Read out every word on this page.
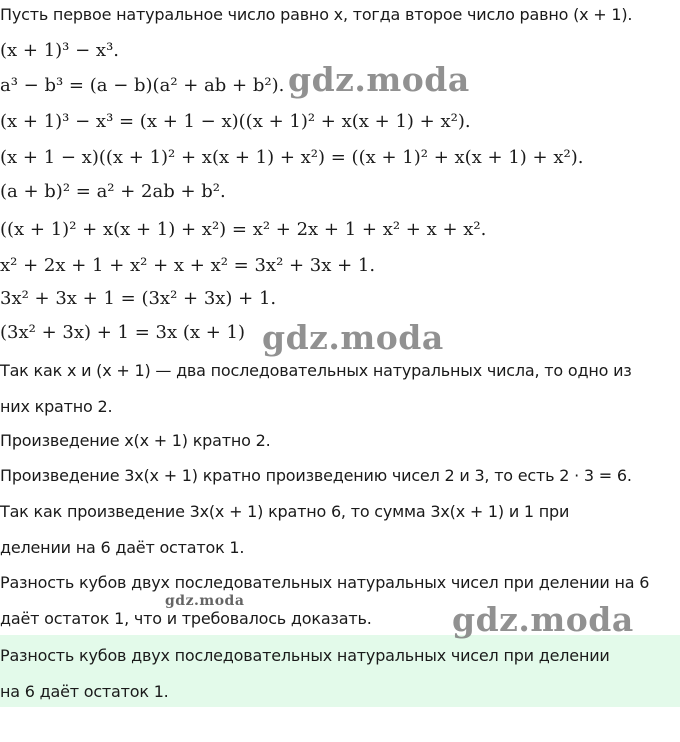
Пусть первое натуральное число равно x, тогда второе число равно (x + 1).
(x + 1)³ − x³.
a³ − b³ = (a − b)(a² + ab + b²).
(x + 1)³ − x³ = (x + 1 − x)((x + 1)² + x(x + 1) + x²).
(x + 1 − x)((x + 1)² + x(x + 1) + x²) = ((x + 1)² + x(x + 1) + x²).
(a + b)² = a² + 2ab + b².
((x + 1)² + x(x + 1) + x²) = x² + 2x + 1 + x² + x + x².
x² + 2x + 1 + x² + x + x² = 3x² + 3x + 1.
3x² + 3x + 1 = (3x² + 3x) + 1.
(3x² + 3x) + 1 = 3x (x + 1)
Так как x и (x + 1) — два последовательных натуральных числа, то одно из
них кратно 2.
Произведение x(x + 1) кратно 2.
Произведение 3x(x + 1) кратно произведению чисел 2 и 3, то есть 2 · 3 = 6.
Так как произведение 3x(x + 1) кратно 6, то сумма 3x(x + 1) и 1 при
делении на 6 даёт остаток 1.
Разность кубов двух последовательных натуральных чисел при делении на 6
даёт остаток 1, что и требовалось доказать.
Разность кубов двух последовательных натуральных чисел при делении
на 6 даёт остаток 1.
gdz.moda
gdz.moda
gdz.moda
gdz.moda
